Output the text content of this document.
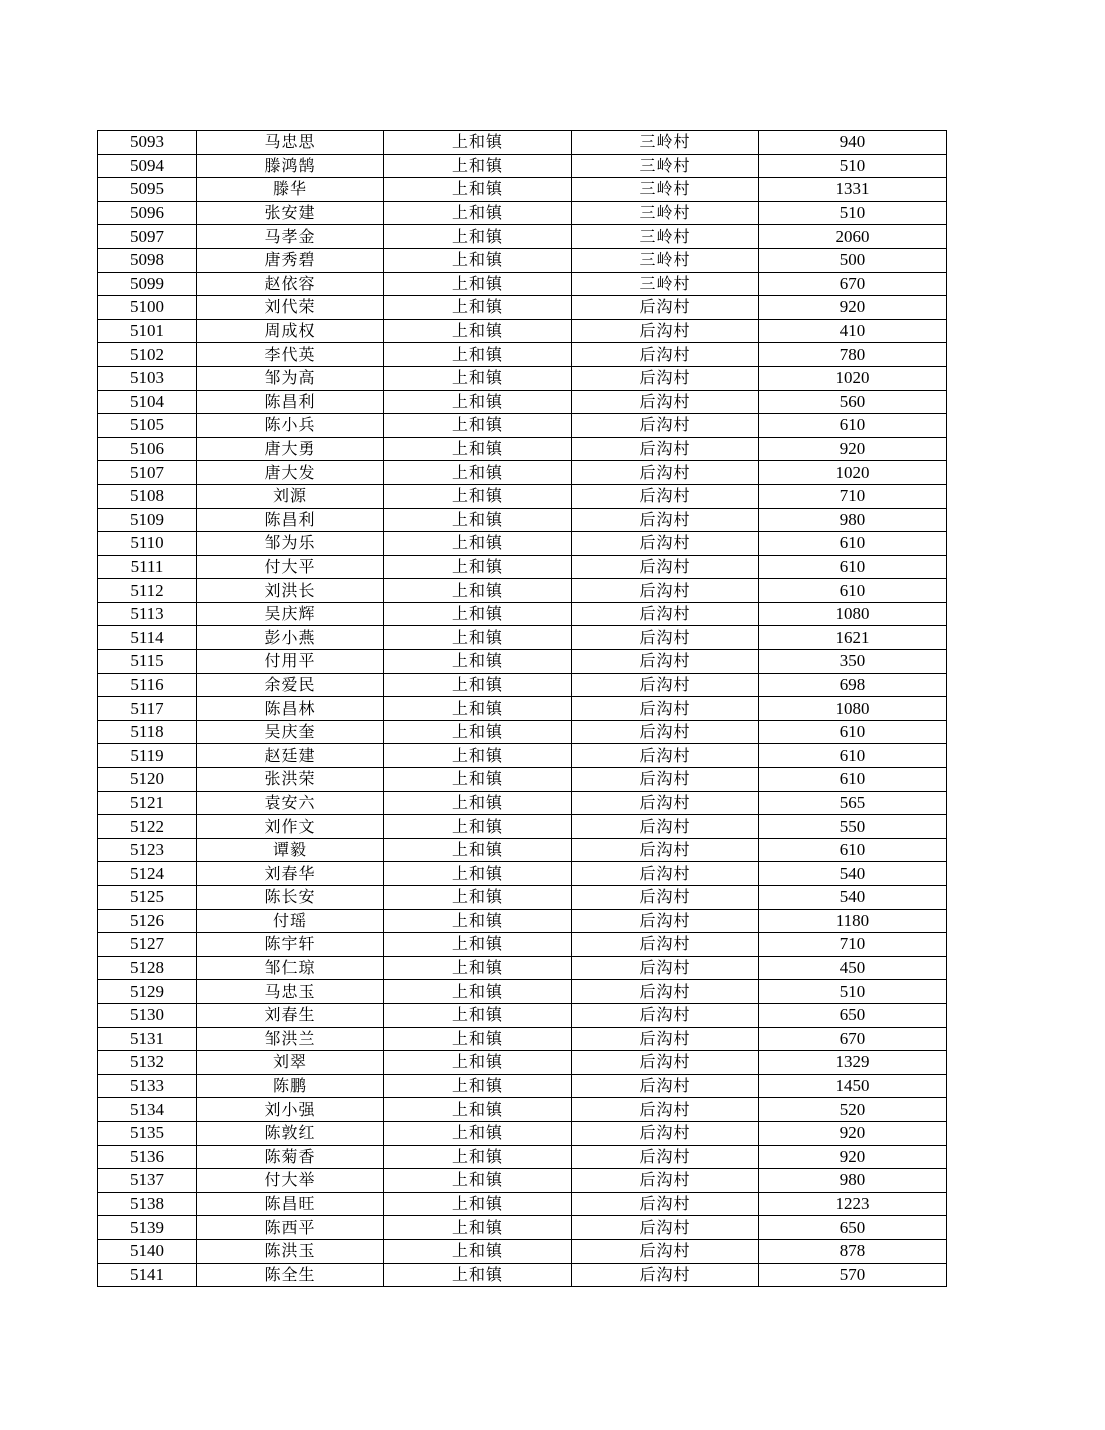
5093	马忠思	上和镇	三岭村	940
5094	滕鸿鹄	上和镇	三岭村	510
5095	滕华	上和镇	三岭村	1331
5096	张安建	上和镇	三岭村	510
5097	马孝金	上和镇	三岭村	2060
5098	唐秀碧	上和镇	三岭村	500
5099	赵依容	上和镇	三岭村	670
5100	刘代荣	上和镇	后沟村	920
5101	周成权	上和镇	后沟村	410
5102	李代英	上和镇	后沟村	780
5103	邹为高	上和镇	后沟村	1020
5104	陈昌利	上和镇	后沟村	560
5105	陈小兵	上和镇	后沟村	610
5106	唐大勇	上和镇	后沟村	920
5107	唐大发	上和镇	后沟村	1020
5108	刘源	上和镇	后沟村	710
5109	陈昌利	上和镇	后沟村	980
5110	邹为乐	上和镇	后沟村	610
5111	付大平	上和镇	后沟村	610
5112	刘洪长	上和镇	后沟村	610
5113	吴庆辉	上和镇	后沟村	1080
5114	彭小燕	上和镇	后沟村	1621
5115	付用平	上和镇	后沟村	350
5116	余爱民	上和镇	后沟村	698
5117	陈昌林	上和镇	后沟村	1080
5118	吴庆奎	上和镇	后沟村	610
5119	赵廷建	上和镇	后沟村	610
5120	张洪荣	上和镇	后沟村	610
5121	袁安六	上和镇	后沟村	565
5122	刘作文	上和镇	后沟村	550
5123	谭毅	上和镇	后沟村	610
5124	刘春华	上和镇	后沟村	540
5125	陈长安	上和镇	后沟村	540
5126	付瑶	上和镇	后沟村	1180
5127	陈宇轩	上和镇	后沟村	710
5128	邹仁琼	上和镇	后沟村	450
5129	马忠玉	上和镇	后沟村	510
5130	刘春生	上和镇	后沟村	650
5131	邹洪兰	上和镇	后沟村	670
5132	刘翠	上和镇	后沟村	1329
5133	陈鹏	上和镇	后沟村	1450
5134	刘小强	上和镇	后沟村	520
5135	陈敦红	上和镇	后沟村	920
5136	陈菊香	上和镇	后沟村	920
5137	付大举	上和镇	后沟村	980
5138	陈昌旺	上和镇	后沟村	1223
5139	陈西平	上和镇	后沟村	650
5140	陈洪玉	上和镇	后沟村	878
5141	陈全生	上和镇	后沟村	570
